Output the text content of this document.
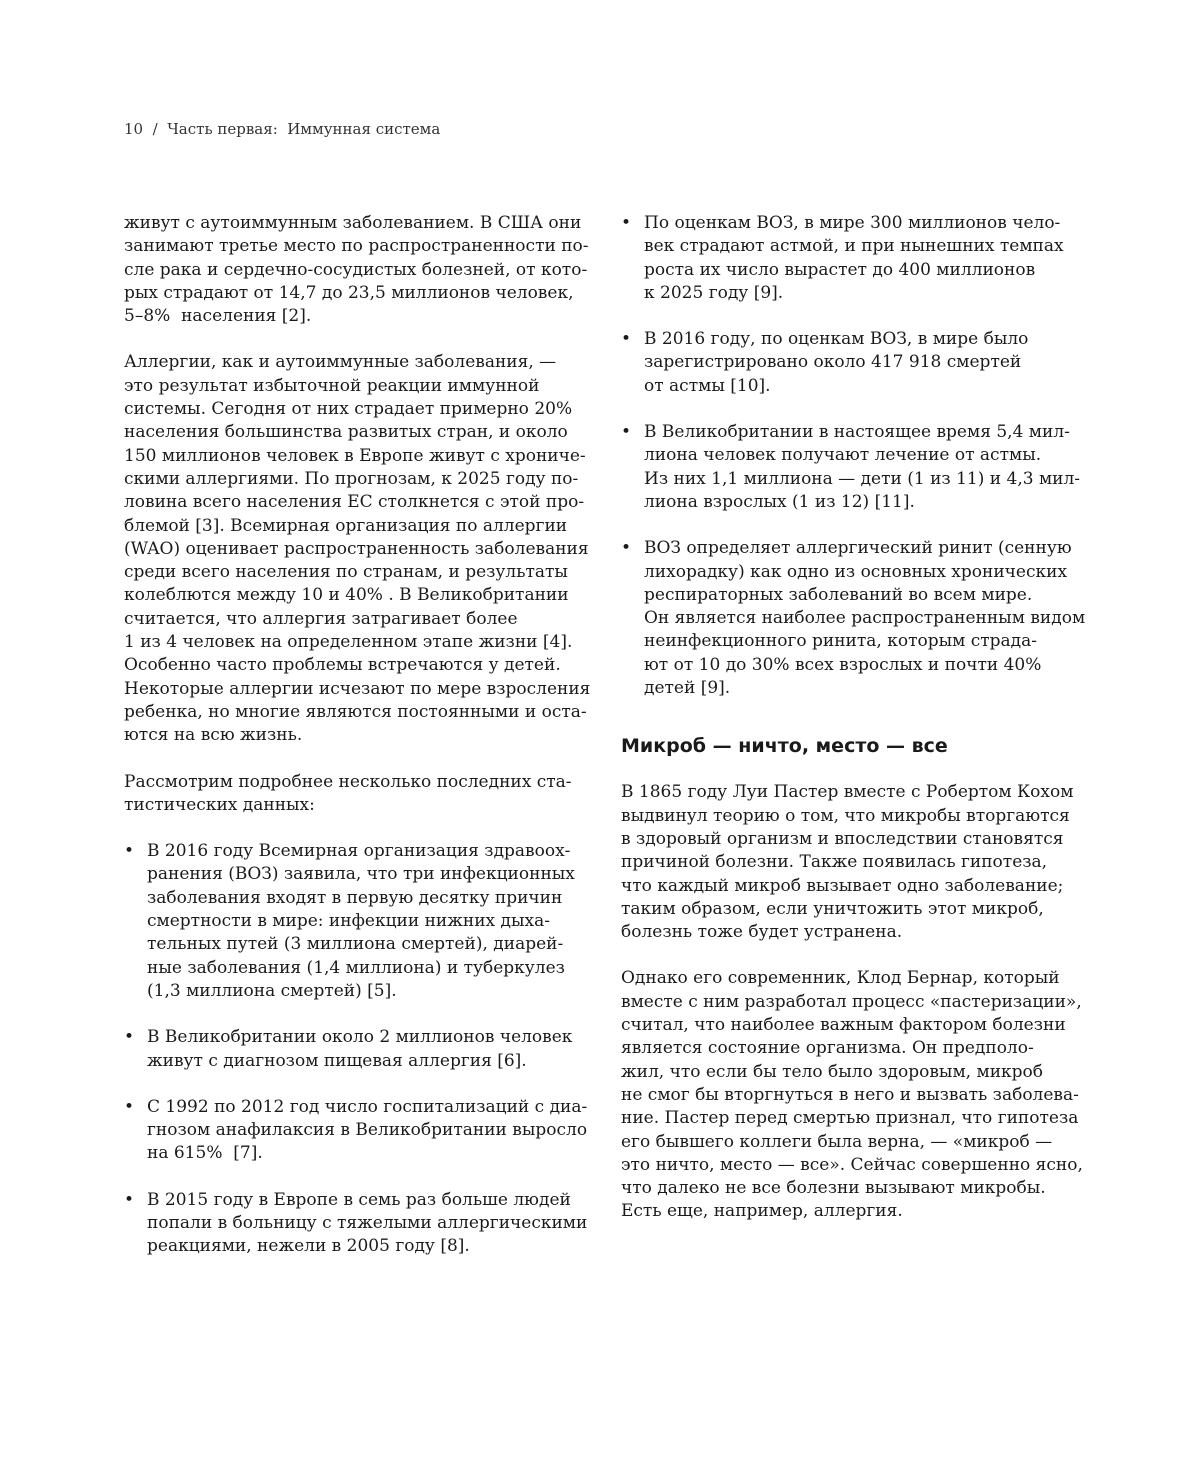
10  /  Часть первая:  Иммунная система

живут с аутоиммунным заболеванием. В США они
занимают третье место по распространенности по-
сле рака и сердечно-сосудистых болезней, от кото-
рых страдают от 14,7 до 23,5 миллионов человек,
5–8%  населения [2].

Аллергии, как и аутоиммунные заболевания, —
это результат избыточной реакции иммунной
системы. Сегодня от них страдает примерно 20%
населения большинства развитых стран, и около
150 миллионов человек в Европе живут с хрониче-
скими аллергиями. По прогнозам, к 2025 году по-
ловина всего населения ЕС столкнется с этой про-
блемой [3]. Всемирная организация по аллергии
(WAO) оценивает распространенность заболевания
среди всего населения по странам, и результаты
колеблются между 10 и 40% . В Великобритании
считается, что аллергия затрагивает более
1 из 4 человек на определенном этапе жизни [4].
Особенно часто проблемы встречаются у детей.
Некоторые аллергии исчезают по мере взросления
ребенка, но многие являются постоянными и оста-
ются на всю жизнь.

Рассмотрим подробнее несколько последних ста-
тистических данных:

• В 2016 году Всемирная организация здравоох-
ранения (ВОЗ) заявила, что три инфекционных
заболевания входят в первую десятку причин
смертности в мире: инфекции нижних дыха-
тельных путей (3 миллиона смертей), диарей-
ные заболевания (1,4 миллиона) и туберкулез
(1,3 миллиона смертей) [5].
• В Великобритании около 2 миллионов человек
живут с диагнозом пищевая аллергия [6].
• С 1992 по 2012 год число госпитализаций с диа-
гнозом анафилаксия в Великобритании выросло
на 615%  [7].
• В 2015 году в Европе в семь раз больше людей
попали в больницу с тяжелыми аллергическими
реакциями, нежели в 2005 году [8].
• По оценкам ВОЗ, в мире 300 миллионов чело-
век страдают астмой, и при нынешних темпах
роста их число вырастет до 400 миллионов
к 2025 году [9].
• В 2016 году, по оценкам ВОЗ, в мире было
зарегистрировано около 417 918 смертей
от астмы [10].
• В Великобритании в настоящее время 5,4 мил-
лиона человек получают лечение от астмы.
Из них 1,1 миллиона — дети (1 из 11) и 4,3 мил-
лиона взрослых (1 из 12) [11].
• ВОЗ определяет аллергический ринит (сенную
лихорадку) как одно из основных хронических
респираторных заболеваний во всем мире.
Он является наиболее распространенным видом
неинфекционного ринита, которым страда-
ют от 10 до 30% всех взрослых и почти 40%
детей [9].
Микроб — ничто, место — все

В 1865 году Луи Пастер вместе с Робертом Кохом
выдвинул теорию о том, что микробы вторгаются
в здоровый организм и впоследствии становятся
причиной болезни. Также появилась гипотеза,
что каждый микроб вызывает одно заболевание;
таким образом, если уничтожить этот микроб,
болезнь тоже будет устранена.

Однако его современник, Клод Бернар, который
вместе с ним разработал процесс «пастеризации»,
считал, что наиболее важным фактором болезни
является состояние организма. Он предполо-
жил, что если бы тело было здоровым, микроб
не смог бы вторгнуться в него и вызвать заболева-
ние. Пастер перед смертью признал, что гипотеза
его бывшего коллеги была верна, — «микроб —
это ничто, место — все». Сейчас совершенно ясно,
что далеко не все болезни вызывают микробы.
Есть еще, например, аллергия.
